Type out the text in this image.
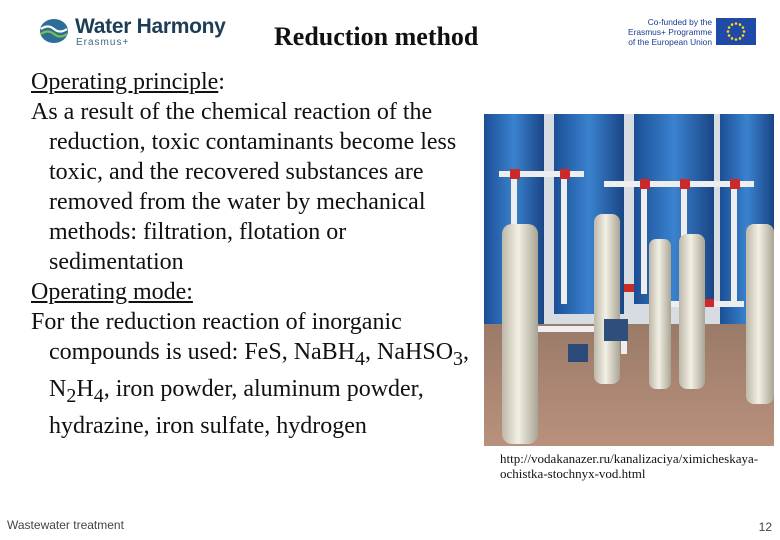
Water Harmony
Erasmus+	Reduction method	Co-funded by the
Erasmus+ Programme
of the European Union

Operating principle:

As a result of the chemical reaction of the reduction, toxic contaminants become less toxic, and the recovered substances are removed from the water by mechanical methods: filtration, flotation or sedimentation

Operating mode:

For the reduction reaction of inorganic compounds is used: FeS, NaBH$_4$, NaHSO$_3$, $N_2H_4$, iron powder, aluminum powder, hydrazine, iron sulfate, hydrogen

http://vodakanazer.ru/kanalizaciya/ximicheskaya-ochistka-stochnyx-vod.html
Wastewater treatment	12
